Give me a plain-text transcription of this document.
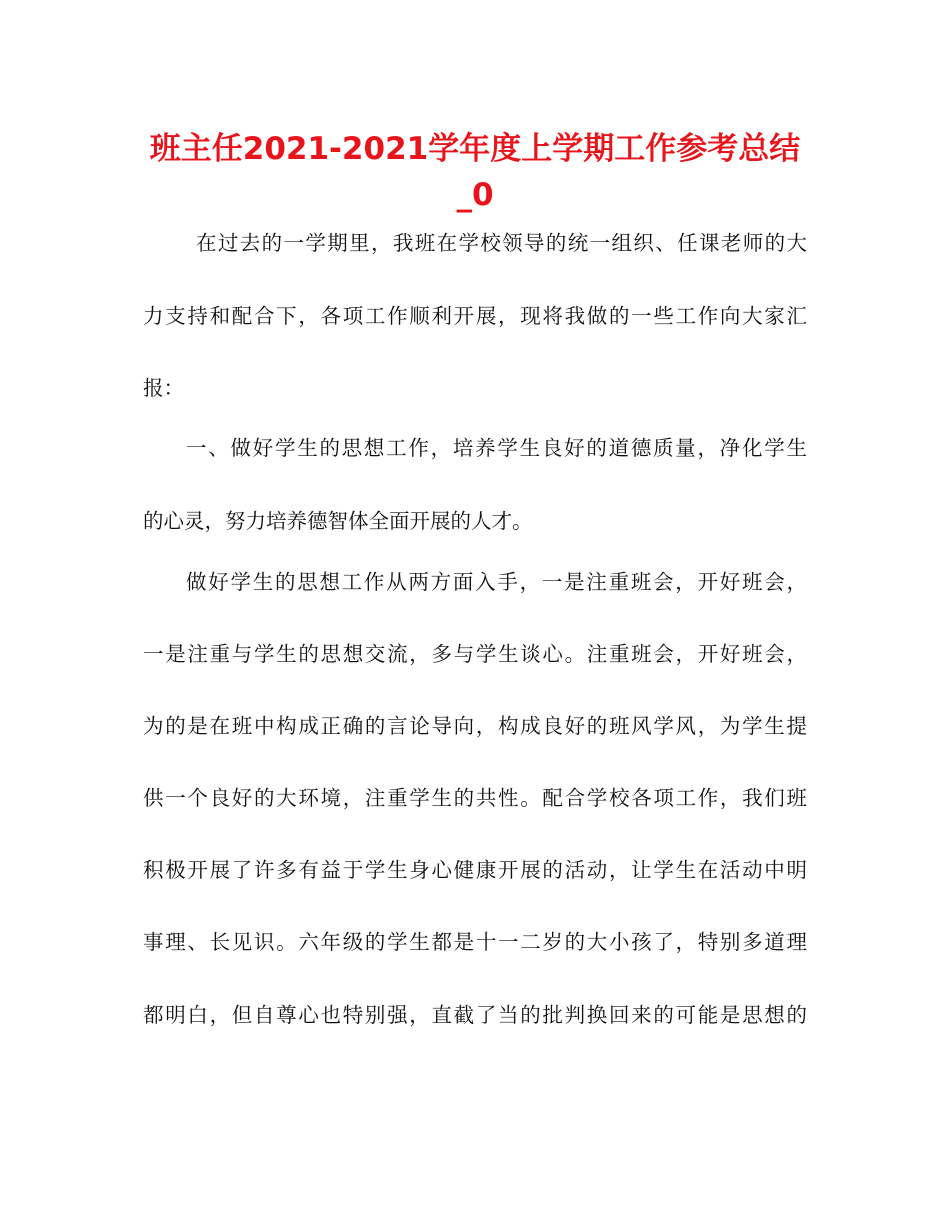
班主任2021-2021学年度上学期工作参考总结
_0

在过去的一学期里，我班在学校领导的统一组织、任课老师的大

力支持和配合下，各项工作顺利开展，现将我做的一些工作向大家汇

报：

一、做好学生的思想工作，培养学生良好的道德质量，净化学生

的心灵，努力培养德智体全面开展的人才。

做好学生的思想工作从两方面入手，一是注重班会，开好班会，

一是注重与学生的思想交流，多与学生谈心。注重班会，开好班会，

为的是在班中构成正确的言论导向，构成良好的班风学风，为学生提

供一个良好的大环境，注重学生的共性。配合学校各项工作，我们班

积极开展了许多有益于学生身心健康开展的活动，让学生在活动中明

事理、长见识。六年级的学生都是十一二岁的大小孩了，特别多道理

都明白，但自尊心也特别强，直截了当的批判换回来的可能是思想的
